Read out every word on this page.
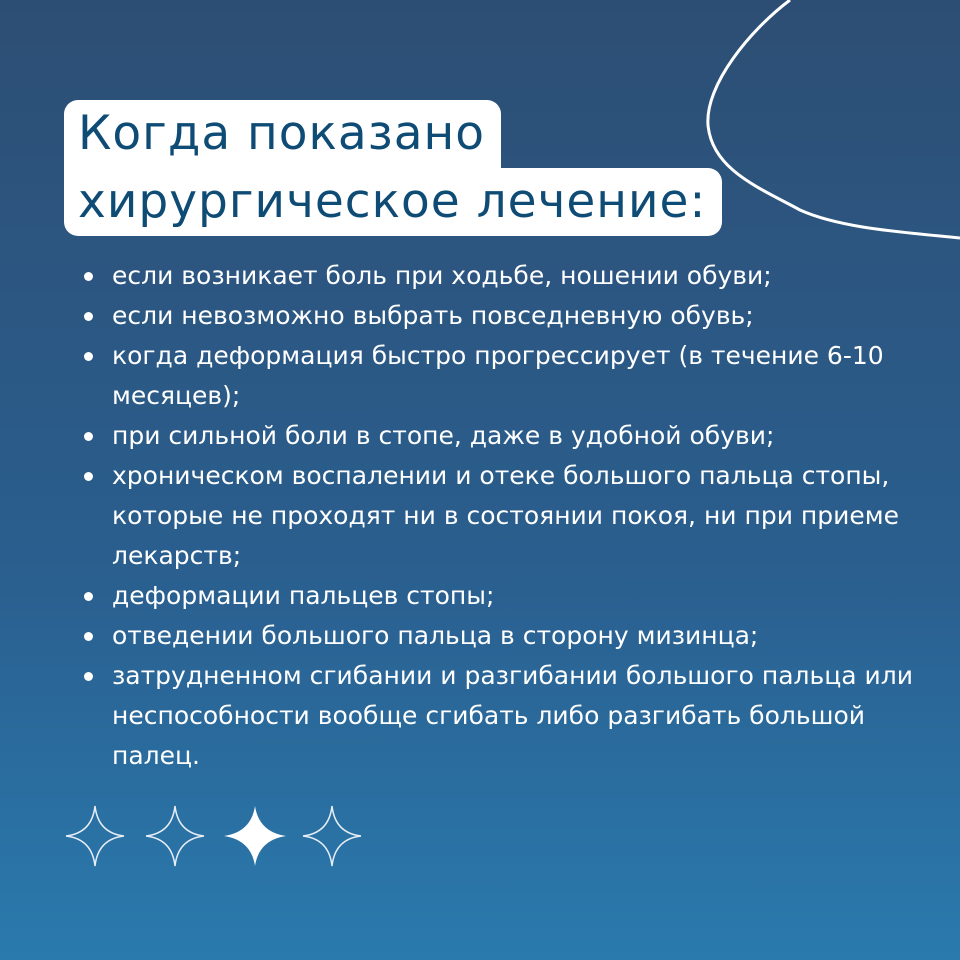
Когда показано
хирургическое лечение:
если возникает боль при ходьбе, ношении обуви;
если невозможно выбрать повседневную обувь;
когда деформация быстро прогрессирует (в течение 6-10 месяцев);
при сильной боли в стопе, даже в удобной обуви;
хроническом воспалении и отеке большого пальца стопы, которые не проходят ни в состоянии покоя, ни при приеме лекарств;
деформации пальцев стопы;
отведении большого пальца в сторону мизинца;
затрудненном сгибании и разгибании большого пальца или неспособности вообще сгибать либо разгибать большой палец.
